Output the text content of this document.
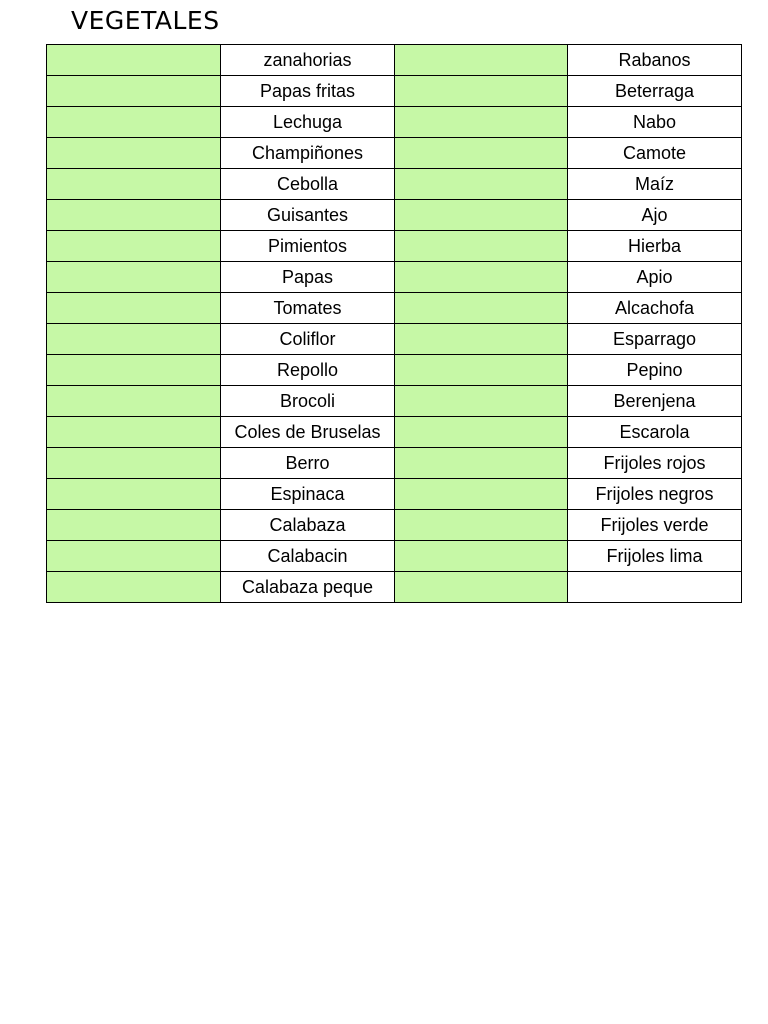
VEGETALES
	zanahorias		Rabanos
	Papas fritas		Beterraga
	Lechuga		Nabo
	Champiñones		Camote
	Cebolla		Maíz
	Guisantes		Ajo
	Pimientos		Hierba
	Papas		Apio
	Tomates		Alcachofa
	Coliflor		Esparrago
	Repollo		Pepino
	Brocoli		Berenjena
	Coles de Bruselas		Escarola
	Berro		Frijoles rojos
	Espinaca		Frijoles negros
	Calabaza		Frijoles verde
	Calabacin		Frijoles lima
	Calabaza peque		
